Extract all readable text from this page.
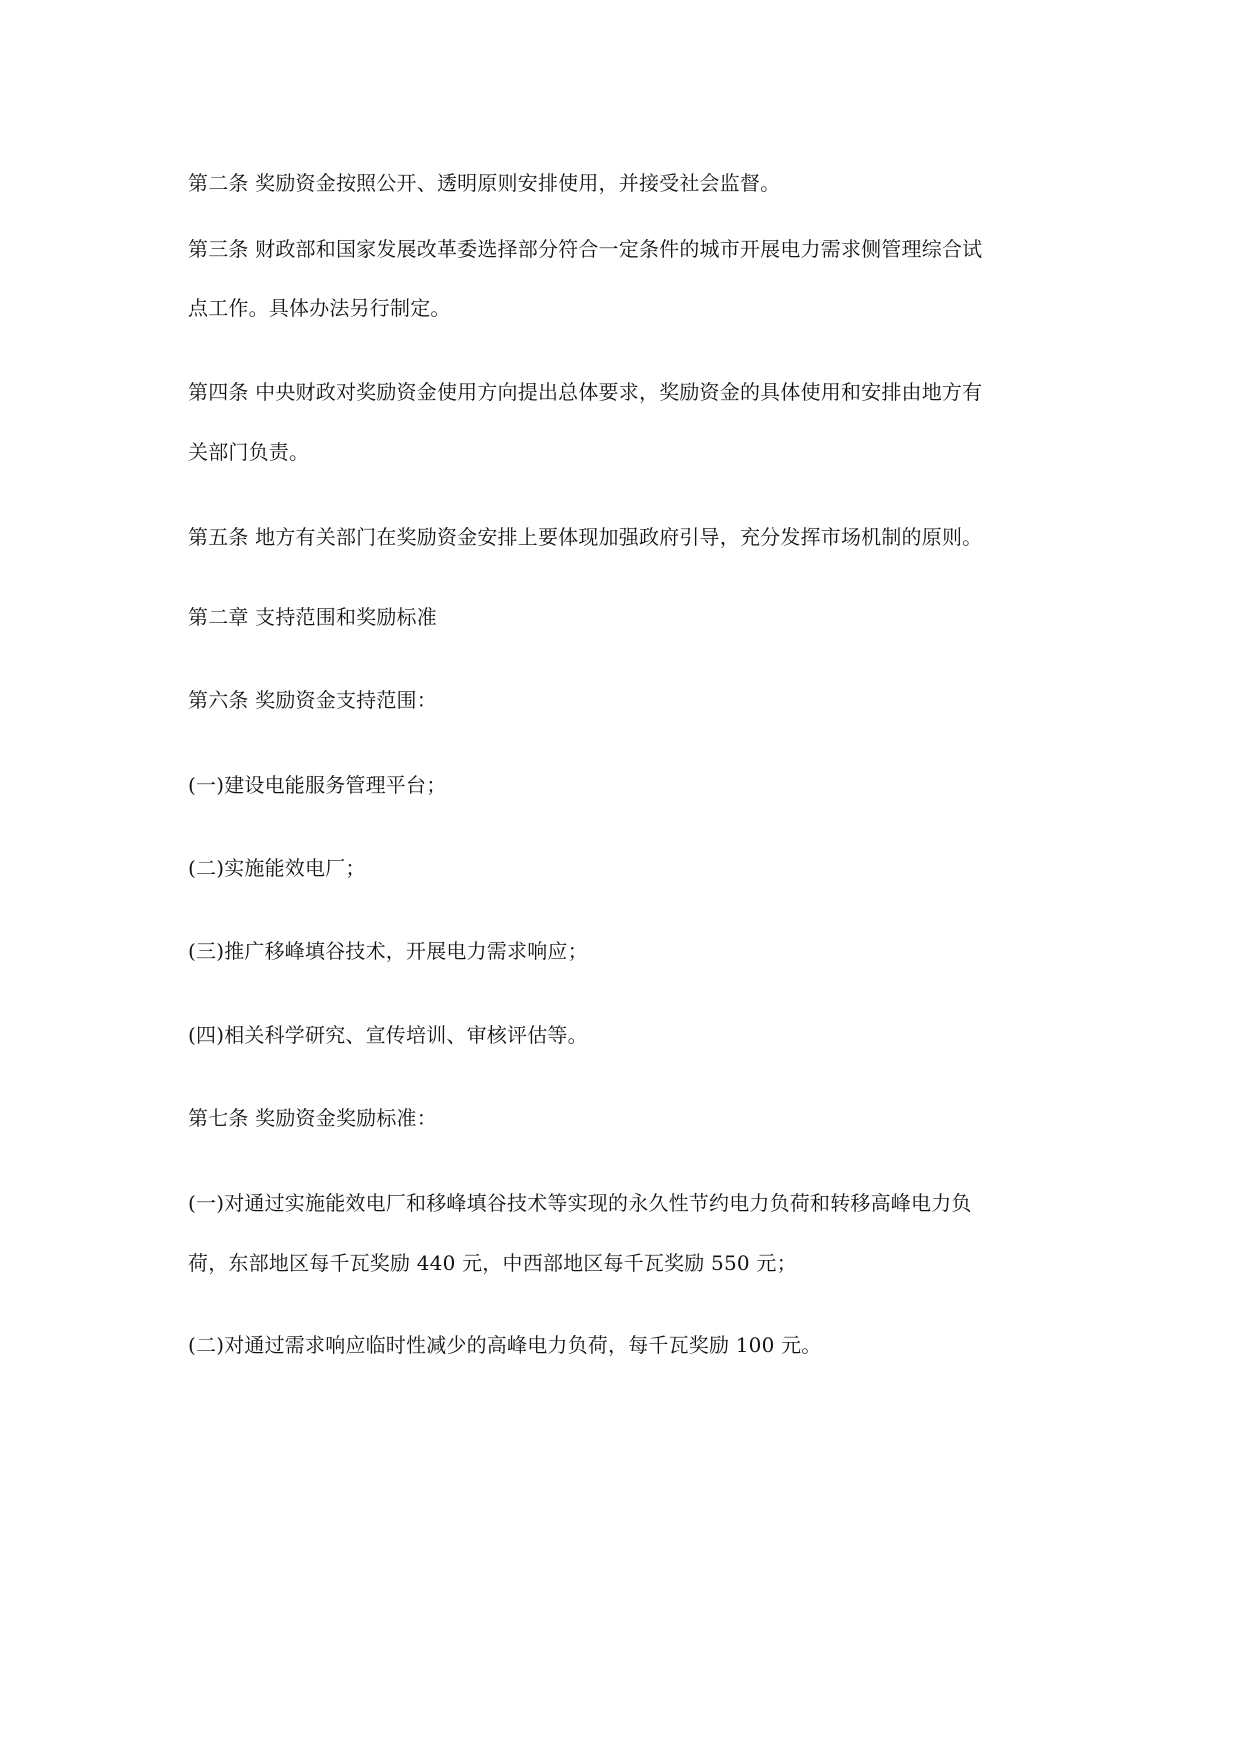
第二条 奖励资金按照公开、透明原则安排使用，并接受社会监督。
第三条 财政部和国家发展改革委选择部分符合一定条件的城市开展电力需求侧管理综合试
点工作。具体办法另行制定。
第四条 中央财政对奖励资金使用方向提出总体要求，奖励资金的具体使用和安排由地方有
关部门负责。
第五条 地方有关部门在奖励资金安排上要体现加强政府引导，充分发挥市场机制的原则。
第二章 支持范围和奖励标准
第六条 奖励资金支持范围：
(一)建设电能服务管理平台；
(二)实施能效电厂；
(三)推广移峰填谷技术，开展电力需求响应；
(四)相关科学研究、宣传培训、审核评估等。
第七条 奖励资金奖励标准：
(一)对通过实施能效电厂和移峰填谷技术等实现的永久性节约电力负荷和转移高峰电力负
荷，东部地区每千瓦奖励 440 元，中西部地区每千瓦奖励 550 元；
(二)对通过需求响应临时性减少的高峰电力负荷，每千瓦奖励 100 元。
